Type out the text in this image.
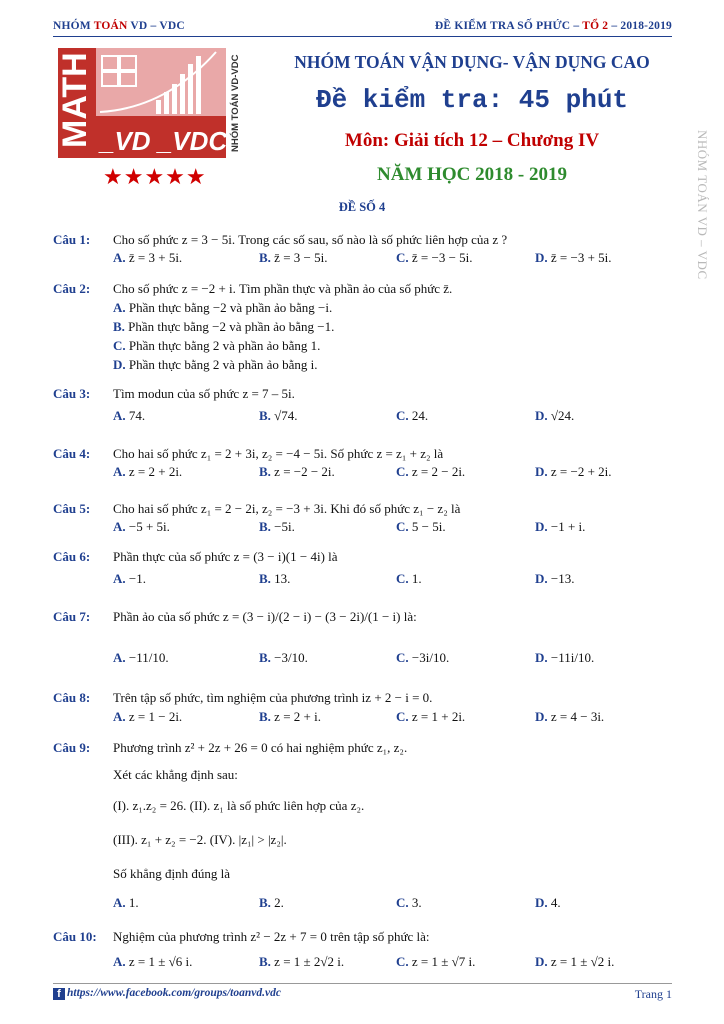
NHÓM TOÁN VD – VDC	ĐỀ KIỂM TRA SỐ PHỨC – TỔ 2 – 2018-2019
MATH _VD _VDC NHÓM TOÁN VD-VDC
★★★★★
NHÓM TOÁN VẬN DỤNG- VẬN DỤNG CAO
Đề kiểm tra: 45 phút
Môn: Giải tích 12 – Chương IV
NĂM HỌC 2018 - 2019
ĐỀ SỐ 4	NHÓM TOÁN VD – VDC
Câu 1: Cho số phức z = 3 − 5i. Trong các số sau, số nào là số phức liên hợp của z ?
A. z̄ = 3 + 5i.	B. z̄ = 3 − 5i.	C. z̄ = −3 − 5i.	D. z̄ = −3 + 5i.
Câu 2: Cho số phức z = −2 + i. Tìm phần thực và phần ảo của số phức z̄.
A. Phần thực bằng −2 và phần ảo bằng −i.
B. Phần thực bằng −2 và phần ảo bằng −1.
C. Phần thực bằng 2 và phần ảo bằng 1.
D. Phần thực bằng 2 và phần ảo bằng i.
Câu 3: Tìm modun của số phức z = 7 – 5i.
A. 74.	B. √74.	C. 24.	D. √24.
Câu 4: Cho hai số phức z₁ = 2 + 3i, z₂ = −4 − 5i. Số phức z = z₁ + z₂ là
A. z = 2 + 2i.	B. z = −2 − 2i.	C. z = 2 − 2i.	D. z = −2 + 2i.
Câu 5: Cho hai số phức z₁ = 2 − 2i, z₂ = −3 + 3i. Khi đó số phức z₁ − z₂ là
A. −5 + 5i.	B. −5i.	C. 5 − 5i.	D. −1 + i.
Câu 6: Phần thực của số phức z = (3 − i)(1 − 4i) là
A. −1.	B. 13.	C. 1.	D. −13.
Câu 7: Phần ảo của số phức z = (3 − i)/(2 − i) − (3 − 2i)/(1 − i) là:
A. −11/10.	B. −3/10.	C. −3i/10.	D. −11i/10.
Câu 8: Trên tập số phức, tìm nghiệm của phương trình iz + 2 − i = 0.
A. z = 1 − 2i.	B. z = 2 + i.	C. z = 1 + 2i.	D. z = 4 − 3i.
Câu 9: Phương trình z² + 2z + 26 = 0 có hai nghiệm phức z₁, z₂.
Xét các khẳng định sau:
(I). z₁.z₂ = 26. (II). z₁ là số phức liên hợp của z₂.
(III). z₁ + z₂ = −2. (IV). |z₁| > |z₂|.
Số khẳng định đúng là
A. 1.	B. 2.	C. 3.	D. 4.
Câu 10: Nghiệm của phương trình z² − 2z + 7 = 0 trên tập số phức là:
A. z = 1 ± √6 i.	B. z = 1 ± 2√2 i.	C. z = 1 ± √7 i.	D. z = 1 ± √2 i.
f https://www.facebook.com/groups/toanvd.vdc	Trang 1
